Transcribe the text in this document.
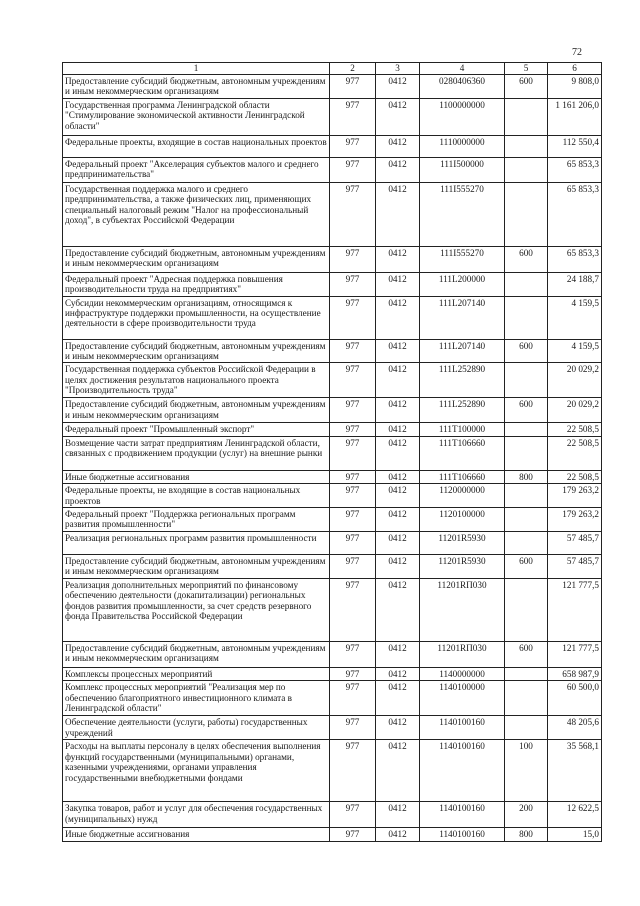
72
1	2	3	4	5	6
Предоставление субсидий бюджетным, автономным учреждениям и иным некоммерческим организациям	977	0412	0280406360	600	9 808,0
Государственная программа Ленинградской области "Стимулирование экономической активности Ленинградской области"	977	0412	1100000000		1 161 206,0
Федеральные проекты, входящие в состав национальных проектов	977	0412	1110000000		112 550,4
Федеральный проект "Акселерация субъектов малого и среднего предпринимательства"	977	0412	111I500000		65 853,3
Государственная поддержка малого и среднего предпринимательства, а также физических лиц, применяющих специальный налоговый режим "Налог на профессиональный доход", в субъектах Российской Федерации	977	0412	111I555270		65 853,3
Предоставление субсидий бюджетным, автономным учреждениям и иным некоммерческим организациям	977	0412	111I555270	600	65 853,3
Федеральный проект "Адресная поддержка повышения производительности труда на предприятиях"	977	0412	111L200000		24 188,7
Субсидии некоммерческим организациям, относящимся к инфраструктуре поддержки промышленности, на осуществление деятельности в сфере производительности труда	977	0412	111L207140		4 159,5
Предоставление субсидий бюджетным, автономным учреждениям и иным некоммерческим организациям	977	0412	111L207140	600	4 159,5
Государственная поддержка субъектов Российской Федерации в целях достижения результатов национального проекта "Производительность труда"	977	0412	111L252890		20 029,2
Предоставление субсидий бюджетным, автономным учреждениям и иным некоммерческим организациям	977	0412	111L252890	600	20 029,2
Федеральный проект "Промышленный экспорт"	977	0412	111T100000		22 508,5
Возмещение части затрат предприятиям Ленинградской области, связанных с продвижением продукции (услуг) на внешние рынки	977	0412	111T106660		22 508,5
Иные бюджетные ассигнования	977	0412	111T106660	800	22 508,5
Федеральные проекты, не входящие в состав национальных проектов	977	0412	1120000000		179 263,2
Федеральный проект "Поддержка региональных программ развития промышленности"	977	0412	1120100000		179 263,2
Реализация региональных программ развития промышленности	977	0412	11201R5930		57 485,7
Предоставление субсидий бюджетным, автономным учреждениям и иным некоммерческим организациям	977	0412	11201R5930	600	57 485,7
Реализация дополнительных мероприятий по финансовому обеспечению деятельности (докапитализации) региональных фондов развития промышленности, за счет средств резервного фонда Правительства Российской Федерации	977	0412	11201RП030		121 777,5
Предоставление субсидий бюджетным, автономным учреждениям и иным некоммерческим организациям	977	0412	11201RП030	600	121 777,5
Комплексы процессных мероприятий	977	0412	1140000000		658 987,9
Комплекс процессных мероприятий "Реализация мер по обеспечению благоприятного инвестиционного климата в Ленинградской области"	977	0412	1140100000		60 500,0
Обеспечение деятельности (услуги, работы) государственных учреждений	977	0412	1140100160		48 205,6
Расходы на выплаты персоналу в целях обеспечения выполнения функций государственными (муниципальными) органами, казенными учреждениями, органами управления государственными внебюджетными фондами	977	0412	1140100160	100	35 568,1
Закупка товаров, работ и услуг для обеспечения государственных (муниципальных) нужд	977	0412	1140100160	200	12 622,5
Иные бюджетные ассигнования	977	0412	1140100160	800	15,0
